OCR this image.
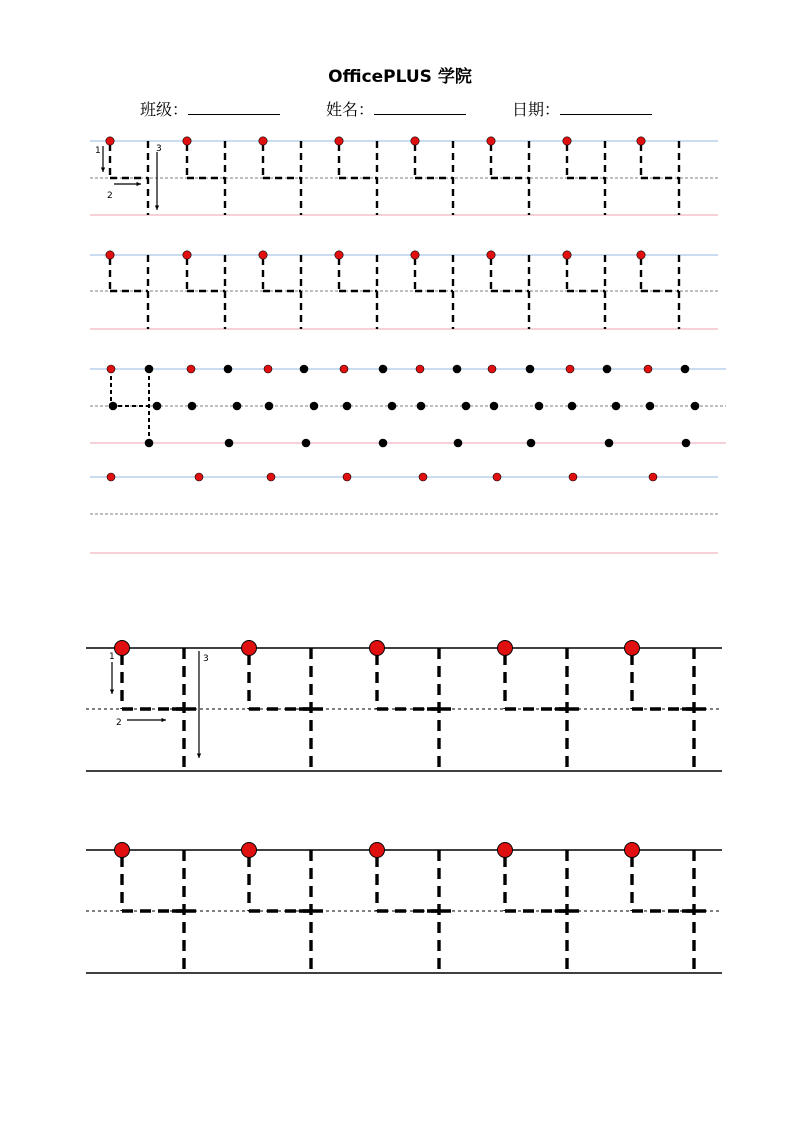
OfficePLUS 学院
班级：	姓名：	日期：
1
2
3
1
2
3
